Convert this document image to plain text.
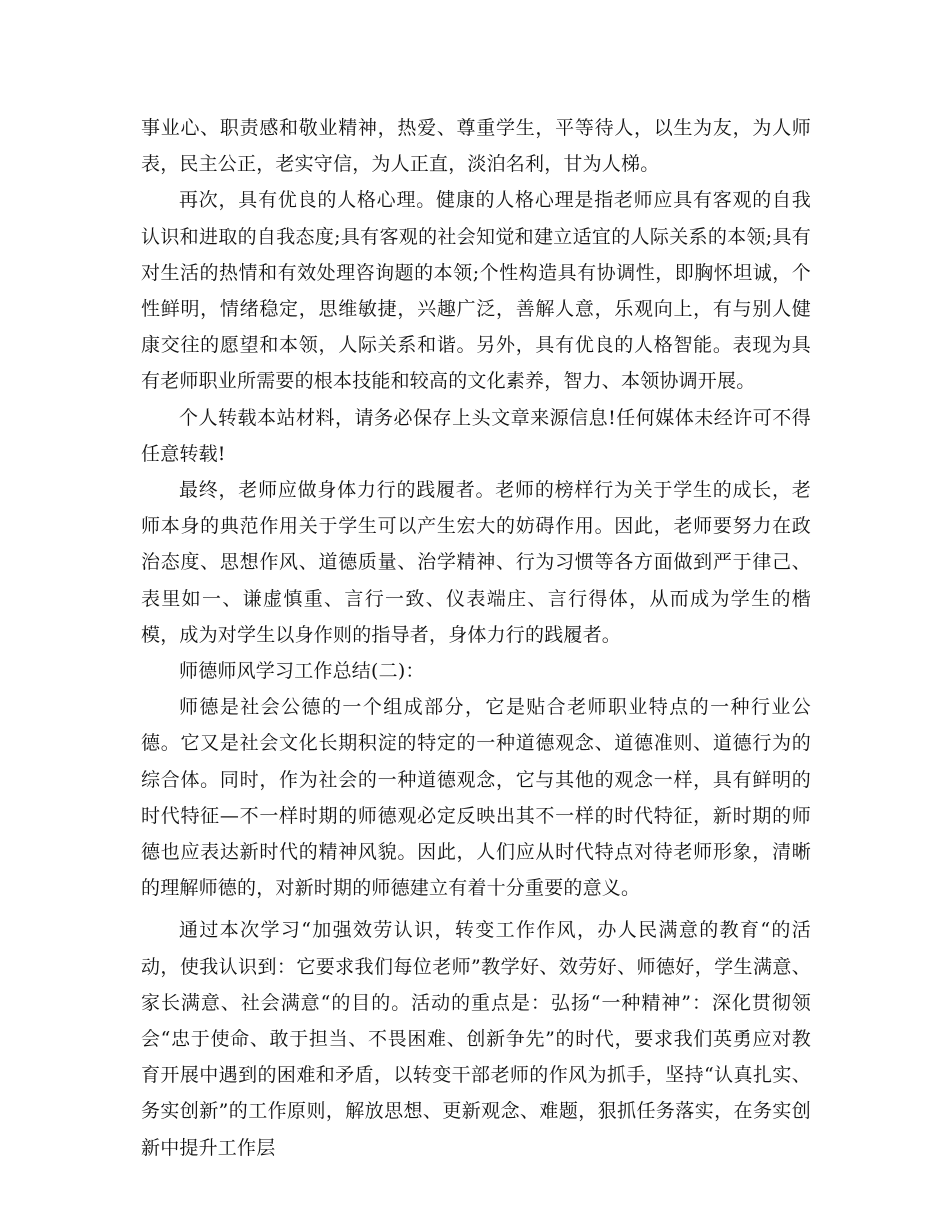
事业心、职责感和敬业精神，热爱、尊重学生，平等待人，以生为友，为人师表，民主公正，老实守信，为人正直，淡泊名利，甘为人梯。

再次，具有优良的人格心理。健康的人格心理是指老师应具有客观的自我认识和进取的自我态度;具有客观的社会知觉和建立适宜的人际关系的本领;具有对生活的热情和有效处理咨询题的本领;个性构造具有协调性，即胸怀坦诚，个性鲜明，情绪稳定，思维敏捷，兴趣广泛，善解人意，乐观向上，有与别人健康交往的愿望和本领，人际关系和谐。另外，具有优良的人格智能。表现为具有老师职业所需要的根本技能和较高的文化素养，智力、本领协调开展。

个人转载本站材料，请务必保存上头文章来源信息!任何媒体未经许可不得任意转载!

最终，老师应做身体力行的践履者。老师的榜样行为关于学生的成长，老师本身的典范作用关于学生可以产生宏大的妨碍作用。因此，老师要努力在政治态度、思想作风、道德质量、治学精神、行为习惯等各方面做到严于律己、表里如一、谦虚慎重、言行一致、仪表端庄、言行得体，从而成为学生的楷模，成为对学生以身作则的指导者，身体力行的践履者。

师德师风学习工作总结(二)：

师德是社会公德的一个组成部分，它是贴合老师职业特点的一种行业公德。它又是社会文化长期积淀的特定的一种道德观念、道德准则、道德行为的综合体。同时，作为社会的一种道德观念，它与其他的观念一样，具有鲜明的时代特征—不一样时期的师德观必定反映出其不一样的时代特征，新时期的师德也应表达新时代的精神风貌。因此，人们应从时代特点对待老师形象，清晰的理解师德的，对新时期的师德建立有着十分重要的意义。

通过本次学习“加强效劳认识，转变工作作风，办人民满意的教育“的活动，使我认识到：它要求我们每位老师”教学好、效劳好、师德好，学生满意、家长满意、社会满意“的目的。活动的重点是：弘扬“一种精神”：深化贯彻领会“忠于使命、敢于担当、不畏困难、创新争先”的时代，要求我们英勇应对教育开展中遇到的困难和矛盾，以转变干部老师的作风为抓手，坚持“认真扎实、务实创新”的工作原则，解放思想、更新观念、难题，狠抓任务落实，在务实创新中提升工作层
